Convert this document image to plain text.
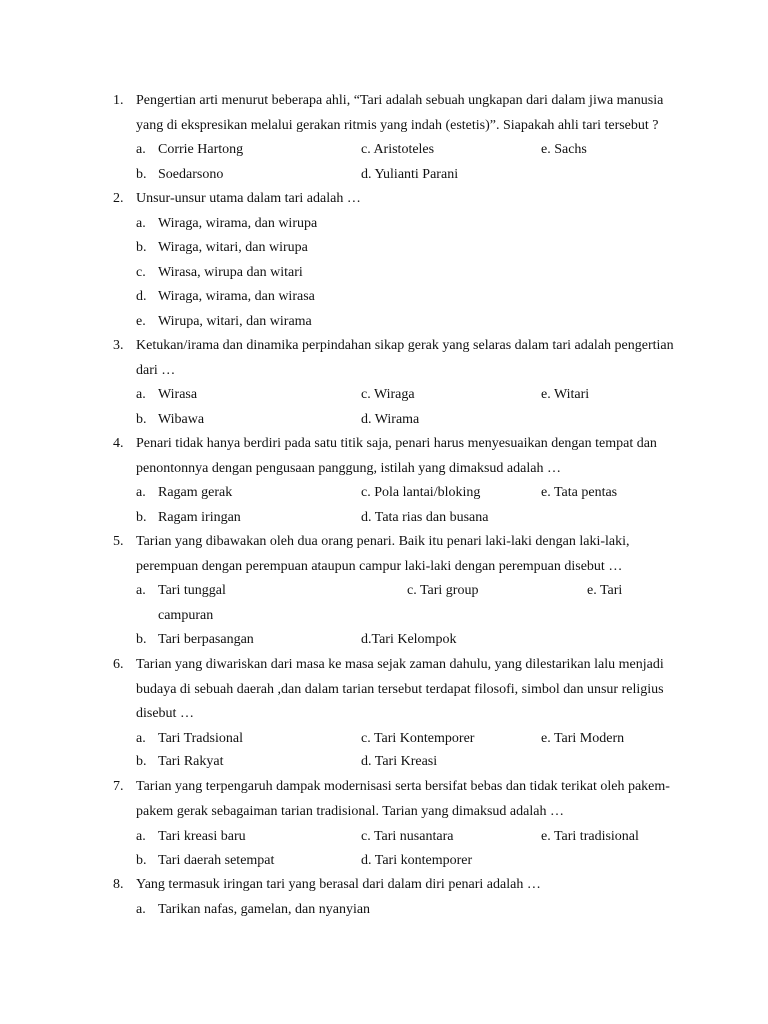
1. Pengertian arti menurut beberapa ahli, “Tari adalah sebuah ungkapan dari dalam jiwa manusia
yang di ekspresikan melalui gerakan ritmis yang indah (estetis)”. Siapakah ahli tari tersebut ?
a. Corrie Hartong	c. Aristoteles	e. Sachs
b. Soedarsono	d. Yulianti Parani
2. Unsur-unsur utama dalam tari adalah …
a. Wiraga, wirama, dan wirupa
b. Wiraga, witari, dan wirupa
c. Wirasa, wirupa dan witari
d. Wiraga, wirama, dan wirasa
e. Wirupa, witari, dan wirama
3. Ketukan/irama dan dinamika perpindahan sikap gerak yang selaras dalam tari adalah pengertian
dari …
a. Wirasa	c. Wiraga	e. Witari
b. Wibawa	d. Wirama
4. Penari tidak hanya berdiri pada satu titik saja, penari harus menyesuaikan dengan tempat dan
penontonnya dengan pengusaan panggung, istilah yang dimaksud adalah …
a. Ragam gerak	c. Pola lantai/bloking	e. Tata pentas
b. Ragam iringan	d. Tata rias dan busana
5. Tarian yang dibawakan oleh dua orang penari. Baik itu penari laki-laki dengan laki-laki,
perempuan dengan perempuan ataupun campur laki-laki dengan perempuan disebut …
a. Tari tunggal	c. Tari group	e. Tari
campuran
b. Tari berpasangan	d.Tari Kelompok
6. Tarian yang diwariskan dari masa ke masa sejak zaman dahulu, yang dilestarikan lalu menjadi
budaya di sebuah daerah ,dan dalam tarian tersebut terdapat filosofi, simbol dan unsur religius
disebut …
a. Tari Tradsional	c. Tari Kontemporer	e. Tari Modern
b. Tari Rakyat	d. Tari Kreasi
7. Tarian yang terpengaruh dampak modernisasi serta bersifat bebas dan tidak terikat oleh pakem-
pakem gerak sebagaiman tarian tradisional. Tarian yang dimaksud adalah …
a. Tari kreasi baru	c. Tari nusantara	e. Tari tradisional
b. Tari daerah setempat	d. Tari kontemporer
8. Yang termasuk iringan tari yang berasal dari dalam diri penari adalah …
a. Tarikan nafas, gamelan, dan nyanyian
